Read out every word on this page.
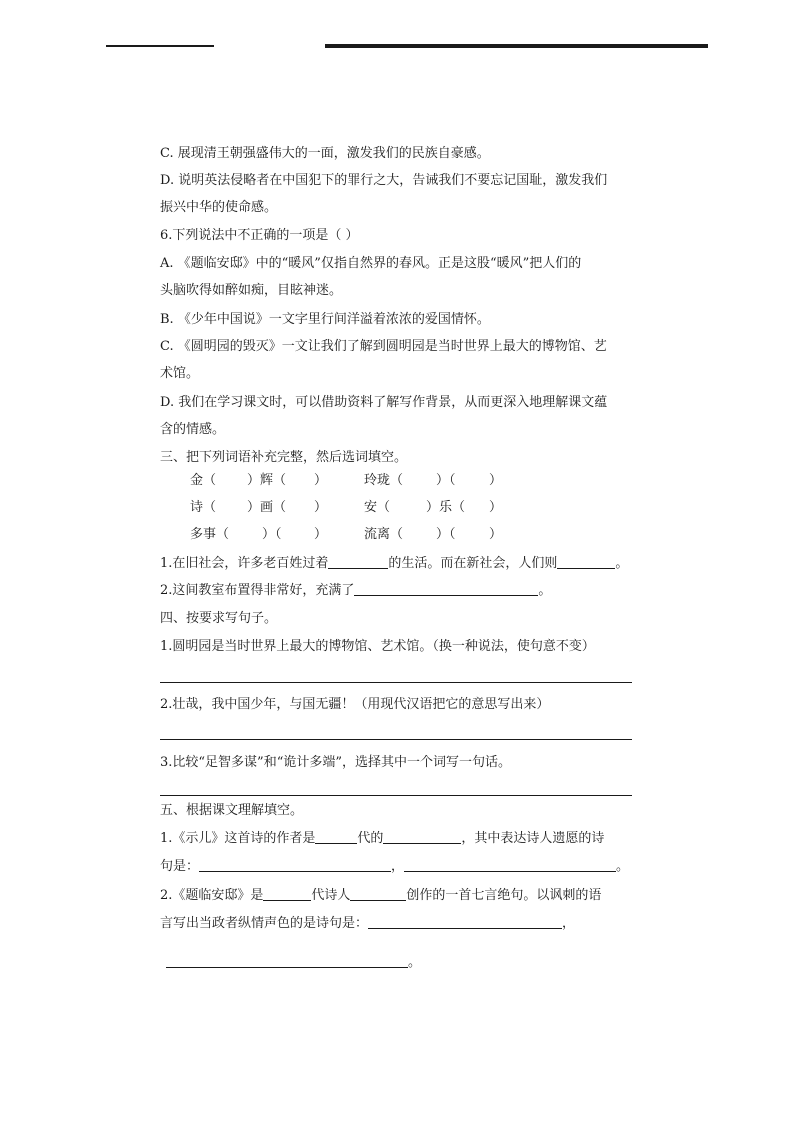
C. 展现清王朝强盛伟大的一面，激发我们的民族自豪感。
D. 说明英法侵略者在中国犯下的罪行之大，告诫我们不要忘记国耻，激发我们
振兴中华的使命感。
6.下列说法中不正确的一项是（ ）
A. 《题临安邸》中的“暖风”仅指自然界的春风。正是这股“暖风”把人们的
头脑吹得如醉如痴，目眩神迷。
B. 《少年中国说》一文字里行间洋溢着浓浓的爱国情怀。
C. 《圆明园的毁灭》一文让我们了解到圆明园是当时世界上最大的博物馆、艺
术馆。
D. 我们在学习课文时，可以借助资料了解写作背景，从而更深入地理解课文蕴
含的情感。
三、把下列词语补充完整，然后选词填空。
金（ ）辉（ ）	玲珑（	）（	）
诗（ ）画（ ）	安（	）乐（ ）
多事（	）（ ）	流离（	）（	）
1.在旧社会，许多老百姓过着	的生活。而在新社会，人们则	。
2.这间教室布置得非常好，充满了	。
四、按要求写句子。
1.圆明园是当时世界上最大的博物馆、艺术馆。（换一种说法，使句意不变）
2.壮哉，我中国少年，与国无疆！（用现代汉语把它的意思写出来）
3.比较“足智多谋”和“诡计多端”，选择其中一个词写一句话。
五、根据课文理解填空。
1.《示儿》这首诗的作者是	代的	，其中表达诗人遗愿的诗
句是：	，	。
2.《题临安邸》是	代诗人	创作的一首七言绝句。以讽刺的语
言写出当政者纵情声色的是诗句是：	，
。
